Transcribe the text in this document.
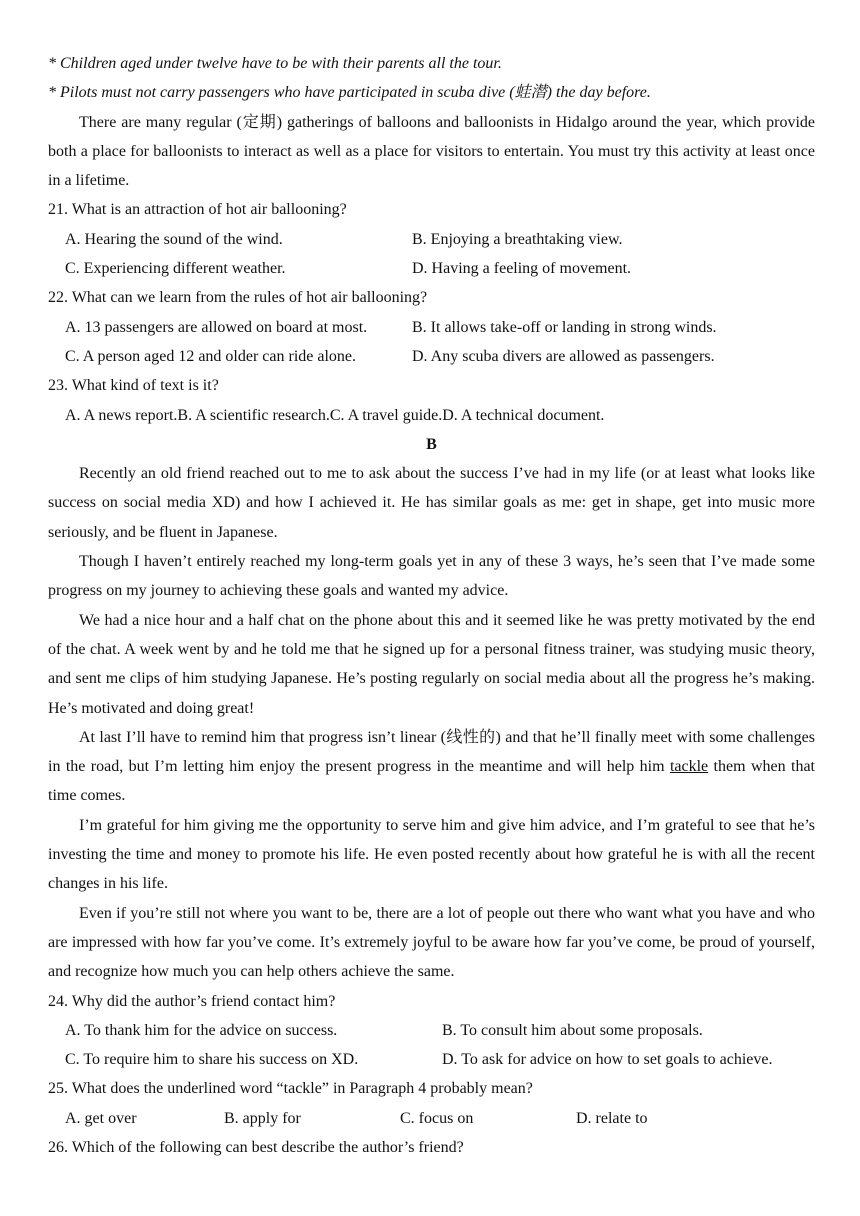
* Children aged under twelve have to be with their parents all the tour.
* Pilots must not carry passengers who have participated in scuba dive (蛙潜) the day before.

There are many regular (定期) gatherings of balloons and balloonists in Hidalgo around the year, which provide both a place for balloonists to interact as well as a place for visitors to entertain. You must try this activity at least once in a lifetime.

21. What is an attraction of hot air ballooning?
A. Hearing the sound of the wind.	B. Enjoying a breathtaking view.
C. Experiencing different weather.	D. Having a feeling of movement.
22. What can we learn from the rules of hot air ballooning?
A. 13 passengers are allowed on board at most.	B. It allows take-off or landing in strong winds.
C. A person aged 12 and older can ride alone.	D. Any scuba divers are allowed as passengers.
23. What kind of text is it?
A. A news report.B. A scientific research.C. A travel guide.D. A technical document.
B

Recently an old friend reached out to me to ask about the success I’ve had in my life (or at least what looks like success on social media XD) and how I achieved it. He has similar goals as me: get in shape, get into music more seriously, and be fluent in Japanese.

Though I haven’t entirely reached my long-term goals yet in any of these 3 ways, he’s seen that I’ve made some progress on my journey to achieving these goals and wanted my advice.

We had a nice hour and a half chat on the phone about this and it seemed like he was pretty motivated by the end of the chat. A week went by and he told me that he signed up for a personal fitness trainer, was studying music theory, and sent me clips of him studying Japanese. He’s posting regularly on social media about all the progress he’s making. He’s motivated and doing great!

At last I’ll have to remind him that progress isn’t linear (线性的) and that he’ll finally meet with some challenges in the road, but I’m letting him enjoy the present progress in the meantime and will help him tackle them when that time comes.

I’m grateful for him giving me the opportunity to serve him and give him advice, and I’m grateful to see that he’s investing the time and money to promote his life. He even posted recently about how grateful he is with all the recent changes in his life.

Even if you’re still not where you want to be, there are a lot of people out there who want what you have and who are impressed with how far you’ve come. It’s extremely joyful to be aware how far you’ve come, be proud of yourself, and recognize how much you can help others achieve the same.

24. Why did the author’s friend contact him?
A. To thank him for the advice on success.	B. To consult him about some proposals.
C. To require him to share his success on XD.	D. To ask for advice on how to set goals to achieve.
25. What does the underlined word “tackle” in Paragraph 4 probably mean?
A. get over	B. apply for	C. focus on	D. relate to
26. Which of the following can best describe the author’s friend?
